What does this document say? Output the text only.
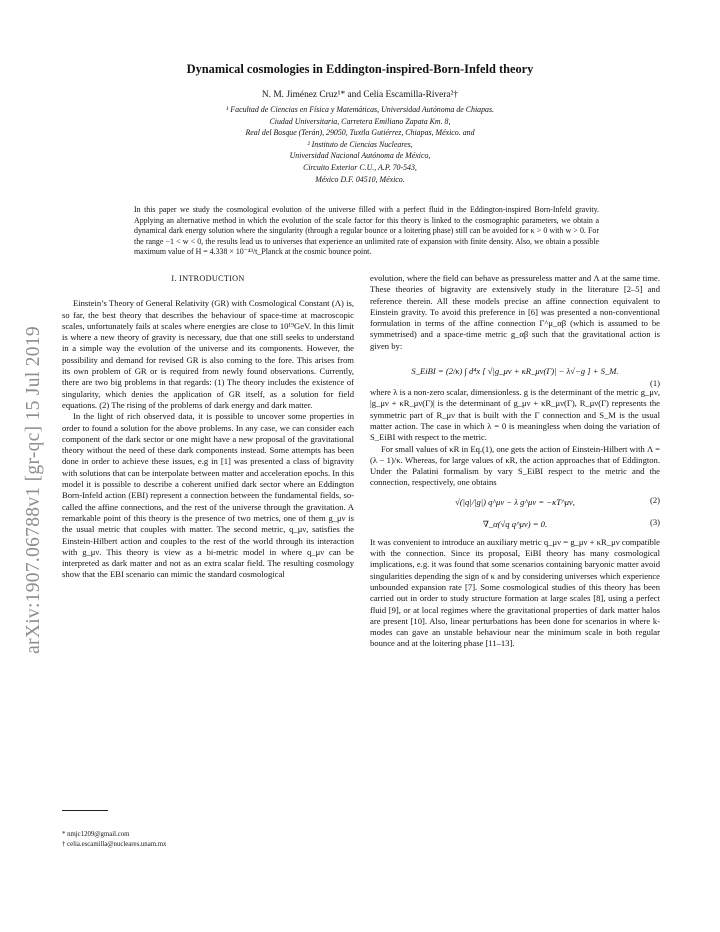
arXiv:1907.06788v1 [gr-qc] 15 Jul 2019
Dynamical cosmologies in Eddington-inspired-Born-Infeld theory
N. M. Jiménez Cruz¹* and Celia Escamilla-Rivera²†
¹ Facultad de Ciencias en Física y Matemáticas, Universidad Autónoma de Chiapas.
Ciudad Universitaria, Carretera Emiliano Zapata Km. 8,
Real del Bosque (Terán), 29050, Tuxtla Gutiérrez, Chiapas, México. and
² Instituto de Ciencias Nucleares,
Universidad Nacional Autónoma de México,
Circuito Exterior C.U., A.P. 70-543,
México D.F. 04510, México.
In this paper we study the cosmological evolution of the universe filled with a perfect fluid in the Eddington-inspired Born-Infeld gravity. Applying an alternative method in which the evolution of the scale factor for this theory is linked to the cosmographic parameters, we obtain a dynamical dark energy solution where the singularity (through a regular bounce or a loitering phase) still can be avoided for κ > 0 with w > 0. For the range −1 < w < 0, the results lead us to universes that experience an unlimited rate of expansion with finite density. Also, we obtain a possible maximum value of H = 4.338 × 10⁻⁴³/t_Planck at the cosmic bounce point.
I. INTRODUCTION

Einstein’s Theory of General Relativity (GR) with Cosmological Constant (Λ) is, so far, the best theory that describes the behaviour of space-time at macroscopic scales, unfortunately fails at scales where energies are close to 10¹⁹GeV. In this limit is where a new theory of gravity is necessary, due that one still seeks to understand in a simple way the evolution of the universe and its components. However, the possibility and demand for revised GR is also coming to the fore. This arises from its own problem of GR or is required from newly found observations. Currently, there are two big problems in that regards: (1) The theory includes the existence of singularity, which denies the application of GR itself, as a solution for field equations. (2) The rising of the problems of dark energy and dark matter.

In the light of rich observed data, it is possible to uncover some properties in order to found a solution for the above problems. In any case, we can consider each component of the dark sector or one might have a new proposal of the gravitational theory without the need of these dark components instead. Some attempts has been done in order to achieve these issues, e.g in [1] was presented a class of bigravity with solutions that can be interpolate between matter and acceleration epochs. In this model it is possible to describe a coherent unified dark sector where an Eddington Born-Infeld action (EBI) represent a connection between the fundamental fields, so-called the affine connections, and the rest of the universe through the gravitation. A remarkable point of this theory is the presence of two metrics, one of them g_μν is the usual metric that couples with matter. The second metric, q_μν, satisfies the Einstein-Hilbert action and couples to the rest of the world through its interaction with g_μν. This theory is view as a bi-metric model in where q_μν can be interpreted as dark matter and not as an extra scalar field. The resulting cosmology show that the EBI scenario can mimic the standard cosmological

evolution, where the field can behave as pressureless matter and Λ at the same time. These theories of bigravity are extensively study in the literature [2–5] and reference therein. All these models precise an affine connection equivalent to Einstein gravity. To avoid this preference in [6] was presented a non-conventional formulation in terms of the affine connection Γ^μ_αβ (which is assumed to be symmetrised) and a space-time metric g_αβ such that the gravitational action is given by:

S_EiBI = (2/κ) ∫ d⁴x [ √|g_μν + κR_μν(Γ)| − λ√−g ] + S_M.
(1)

where λ is a non-zero scalar, dimensionless. g is the determinant of the metric g_μν, |g_μν + κR_μν(Γ)| is the determinant of g_μν + κR_μν(Γ), R_μν(Γ) represents the symmetric part of R_μν that is built with the Γ connection and S_M is the usual matter action. The case in which λ = 0 is meaningless when doing the variation of S_EiBI with respect to the metric.

For small values of κR in Eq.(1), one gets the action of Einstein-Hilbert with Λ = (λ − 1)/κ. Whereas, for large values of κR, the action approaches that of Eddington. Under the Palatini formalism by vary S_EiBI respect to the metric and the connection, respectively, one obtains

√(|q|/|g|) q^μν − λ g^μν = −κT^μν,	(2)
∇_α(√q q^μν) = 0.	(3)

It was convenient to introduce an auxiliary metric q_μν = g_μν + κR_μν compatible with the connection. Since its proposal, EiBI theory has many cosmological implications, e.g. it was found that some scenarios containing baryonic matter avoid singularities depending the sign of κ and by considering universes which experience unbounded expansion rate [7]. Some cosmological studies of this theory has been carried out in order to study structure formation at large scales [8], using a perfect fluid [9], or at local regimes where the gravitational properties of dark matter halos are present [10]. Also, linear perturbations has been done for scenarios in where k-modes can gave an unstable behaviour near the minimum scale in both regular bounce and at the loitering phase [11–13].

* nmjc1209@gmail.com
† celia.escamilla@nucleares.unam.mx
